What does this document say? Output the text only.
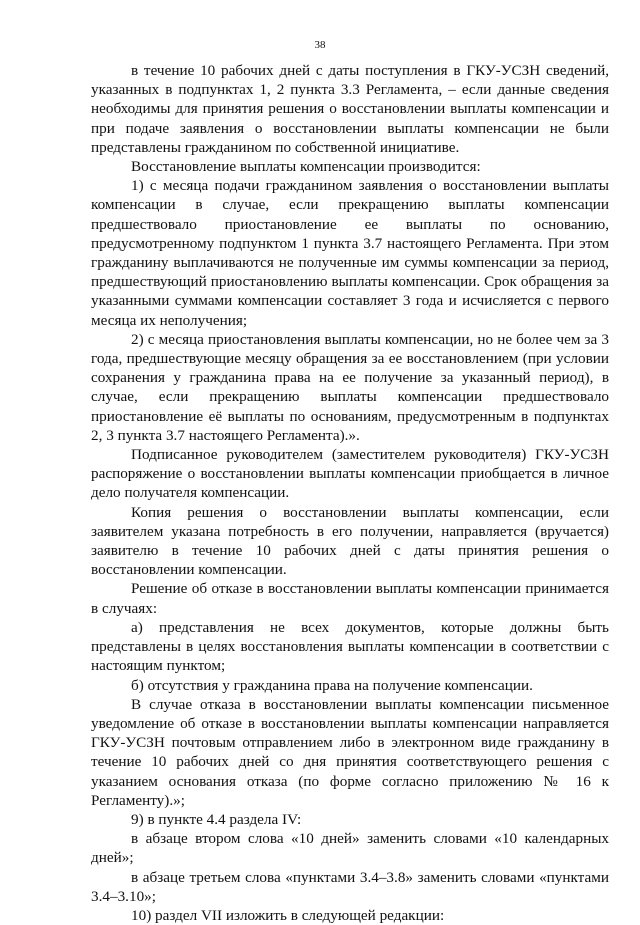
38

в течение 10 рабочих дней с даты поступления в ГКУ-УСЗН сведений, указанных в подпунктах 1, 2 пункта 3.3 Регламента, – если данные сведения необходимы для принятия решения о восстановлении выплаты компенсации и при подаче заявления о восстановлении выплаты компенсации не были представлены гражданином по собственной инициативе.

Восстановление выплаты компенсации производится:

1) с месяца подачи гражданином заявления о восстановлении выплаты компенсации в случае, если прекращению выплаты компенсации предшествовало приостановление ее выплаты по основанию, предусмотренному подпунктом 1 пункта 3.7 настоящего Регламента. При этом гражданину выплачиваются не полученные им суммы компенсации за период, предшествующий приостановлению выплаты компенсации. Срок обращения за указанными суммами компенсации составляет 3 года и исчисляется с первого месяца их неполучения;

2) с месяца приостановления выплаты компенсации, но не более чем за 3 года, предшествующие месяцу обращения за ее восстановлением (при условии сохранения у гражданина права на ее получение за указанный период), в случае, если прекращению выплаты компенсации предшествовало приостановление её выплаты по основаниям, предусмотренным в подпунктах 2, 3 пункта 3.7 настоящего Регламента).».

Подписанное руководителем (заместителем руководителя) ГКУ-УСЗН распоряжение о восстановлении выплаты компенсации приобщается в личное дело получателя компенсации.

Копия решения о восстановлении выплаты компенсации, если заявителем указана потребность в его получении, направляется (вручается) заявителю в течение 10 рабочих дней с даты принятия решения о восстановлении компенсации.

Решение об отказе в восстановлении выплаты компенсации принимается в случаях:

а) представления не всех документов, которые должны быть представлены в целях восстановления выплаты компенсации в соответствии с настоящим пунктом;

б) отсутствия у гражданина права на получение компенсации.

В случае отказа в восстановлении выплаты компенсации письменное уведомление об отказе в восстановлении выплаты компенсации направляется ГКУ-УСЗН почтовым отправлением либо в электронном виде гражданину в течение 10 рабочих дней со дня принятия соответствующего решения с указанием основания отказа (по форме согласно приложению № 16 к Регламенту).»;

9) в пункте 4.4 раздела IV:

в абзаце втором слова «10 дней» заменить словами «10 календарных дней»;

в абзаце третьем слова «пунктами 3.4–3.8» заменить словами «пунктами 3.4–3.10»;

10) раздел VII изложить в следующей редакции:
